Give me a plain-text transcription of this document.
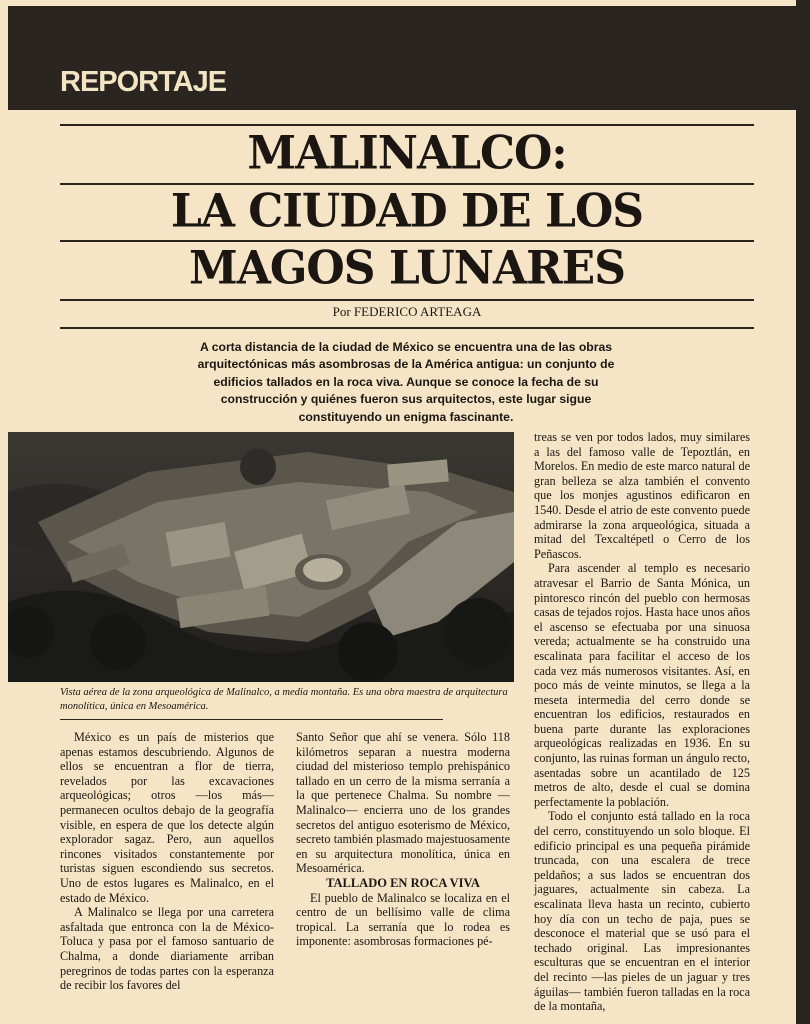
REPORTAJE
MALINALCO:
LA CIUDAD DE LOS
MAGOS LUNARES
Por FEDERICO ARTEAGA
A corta distancia de la ciudad de México se encuentra una de las obras arquitectónicas más asombrosas de la América antigua: un conjunto de edificios tallados en la roca viva. Aunque se conoce la fecha de su construcción y quiénes fueron sus arquitectos, este lugar sigue constituyendo un enigma fascinante.
Vista aérea de la zona arqueológica de Malinalco, a media montaña. Es una obra maestra de arquitectura monolítica, única en Mesoamérica.

México es un país de misterios que apenas estamos descubriendo. Algunos de ellos se encuentran a flor de tierra, revelados por las excavaciones arqueológicas; otros —los más— permanecen ocultos debajo de la geografía visible, en espera de que los detecte algún explorador sagaz. Pero, aun aquellos rincones visitados constantemente por turistas siguen escondiendo sus secretos. Uno de estos lugares es Malinalco, en el estado de México.

A Malinalco se llega por una carretera asfaltada que entronca con la de México-Toluca y pasa por el famoso santuario de Chalma, a donde diariamente arriban peregrinos de todas partes con la esperanza de recibir los favores del

Santo Señor que ahí se venera. Sólo 118 kilómetros separan a nuestra moderna ciudad del misterioso templo prehispánico tallado en un cerro de la misma serranía a la que pertenece Chalma. Su nombre —Malinalco— encierra uno de los grandes secretos del antiguo esoterismo de México, secreto también plasmado majestuosamente en su arquitectura monolítica, única en Mesoamérica.

TALLADO EN ROCA VIVA

El pueblo de Malinalco se localiza en el centro de un bellísimo valle de clima tropical. La serranía que lo rodea es imponente: asombrosas formaciones pé-

treas se ven por todos lados, muy similares a las del famoso valle de Tepoztlán, en Morelos. En medio de este marco natural de gran belleza se alza también el convento que los monjes agustinos edificaron en 1540. Desde el atrio de este convento puede admirarse la zona arqueológica, situada a mitad del Texcaltépetl o Cerro de los Peñascos.

Para ascender al templo es necesario atravesar el Barrio de Santa Mónica, un pintoresco rincón del pueblo con hermosas casas de tejados rojos. Hasta hace unos años el ascenso se efectuaba por una sinuosa vereda; actualmente se ha construido una escalinata para facilitar el acceso de los cada vez más numerosos visitantes. Así, en poco más de veinte minutos, se llega a la meseta intermedia del cerro donde se encuentran los edificios, restaurados en buena parte durante las exploraciones arqueológicas realizadas en 1936. En su conjunto, las ruinas forman un ángulo recto, asentadas sobre un acantilado de 125 metros de alto, desde el cual se domina perfectamente la población.

Todo el conjunto está tallado en la roca del cerro, constituyendo un solo bloque. El edificio principal es una pequeña pirámide truncada, con una escalera de trece peldaños; a sus lados se encuentran dos jaguares, actualmente sin cabeza. La escalinata lleva hasta un recinto, cubierto hoy día con un techo de paja, pues se desconoce el material que se usó para el techado original. Las impresionantes esculturas que se encuentran en el interior del recinto —las pieles de un jaguar y tres águilas— también fueron talladas en la roca de la montaña,
